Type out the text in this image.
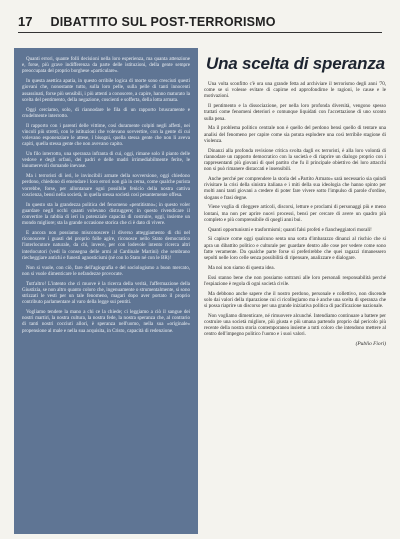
17 DIBATTITO SUL POST-TERRORISMO

Quanti errori, quante folli decisioni nella loro esperienza, ma quanta attenzione e, forse, più grave indifferenza da parte delle istituzioni, della gente sempre preoccupata del proprio borghese «particulare».

In questa asettica apatia, in questo orribile logica di morte sono cresciuti questi giovani che, nonostante tutto, sulla loro pelle, sulla pelle di tanti innocenti assassinati, forse più sensibili, i più attenti a conoscere, a capire, hanno maturato la scelta del pentimento, della negazione, coscienti e sofferta, della lotta armata.

Oggi cerciamo, solo, di riannodare le fila di un rapporto bruscamente e crudelmente interrotto.

Il rapporto con i parenti delle vittime, così duramente colpiti negli affetti, nei vincoli più stretti, con le istituzioni che volevano sovvertire, con la gente di cui volevano esponenziare le attese, i bisogni, quella stessa gente che non li aveva capiti, quella stessa gente che non avevano capito.

Un filo interrotto, una speranza infranta di cui, oggi, rimane solo il pianto delle vedove e degli orfani, dei padri e delle madri irrimediabilmente ferite, le innumerevoli domande inevase.

Ma i terroristi di ieri, le invincibili armate della sovversione, oggi chiedono perdono, chiedono di emendare i loro errori non già in cerna, come qualche purista vorrebbe, forse, per allontanare ogni possibile fenicio della nostra cattiva coscienza, bensì nella società, in quella stessa società così pesantemente offesa.

In questo sta la grandezza politica del fenomeno «pentitismo»; in questo voler guardare negli occhi quanti volevano distruggere; in questo rivendicare il convertire la rabbia di ieri in potenziale capacità di costruire, oggi, insieme un mondo migliore; sta la grande occasione storica che ci è dato di vivere.

E ancora non possiamo misconoscere il diverso atteggiamento di chi nel riconoscere i guasti del proprio folle agire, riconosce nello Stato democratico l'interlocutore naturale, da chi, invece, per con lodevole intento ricerca altri interlocutori (vedi la consegna delle armi al Cardinale Martini) che sembrano riecheggiare antichi e funesti agnosticismi (né con lo Stato né con le BR)!

Non si vuole, con ciò, fare dell'agiografia e del sociologismo a buon mercato, non si vuole dimenticare le nefandezze provocate.

Tutt'altro! L'intento che ci muove è la ricerca della verità, l'affermazione della Giustizia, se non altro quanto coloro che, ingenuamente o strumentalmente, si sono strizzati le vesti per un tale fenomeno, magari dopo aver portato il proprio contributo parlamentare al varo della legge sui pentiti.

Vogliamo tendere la mano a chi ce la chiede; ci leggiamo a ciò il sangue dei nostri martiri, la nostra cultura, la nostra fede, la nostra speranza che, al contrario di tanti nostri cocciuti allori, è speranza nell'uomo, nella sua «originale» propensione al male e nella sua acquisita, in Cristo, capacità di redenzione.

Una scelta di speranza

Una volta sconfitto c'è ora una grande fetta ad archiviare il terrorismo degli anni '70, come se si volesse evitare di capirne ed approfondirne le ragioni, le cause e le motivazioni.

Il pentimento e la dissociazione, per nella loro profonda diversità, vengono spesso trattati come fenomeni deteriori e comunque liquidati con l'accettazione di uno sconto sulla pena.

Ma il problema politico centrale non è quello del perdono bensì quello di tentare una analisi del fenomeno per capire come sia potuta esplodere una così terribile stagione di violenza.

Dinanzi alla profonda revisione critica svolta dagli ex terroristi, è alla loro volontà di riannodare un rapporto democratico con la società e di riaprire un dialogo proprio con i rappresentanti più giovani di quel partito che fu il principale obiettivo dei loro attacchi non si può rimanere distaccati e insensibili.

Anche perché per comprendere la storia del «Partito Armato» sarà necessario sia quindi rivisitare la crisi della sinistra italiana e i miti della sua ideologia che hanno spinto per molti anni tanti giovani a credere di poter fare vivere sotto l'impulso di parole d'ordine, slogans e frasi degne.

Viene voglia di rileggere articoli, discorsi, letture e proclami di personaggi più e meno lontani, ma non per aprire nuovi processi, bensì per cercare di avere un quadro più completo e più comprensibile di quegli anni bui.

Quanti opportunismi e trasformismi; quanti falsi profeti e fiancheggiatori morali!

Si capisce come oggi qualcuno senta una sorta d'imbarazzo dinanzi al rischio che si apra un dibattito politico e culturale per guardare dentro alle cose per vedere come sono fatte veramente. Da qualche parte forse si preferirebbe che quei ragazzi rimanessero sepolti nelle loro celle senza possibilità di ripensare, analizzare e dialogare.

Ma noi non siamo di questa idea.

Essi stanno bene che non possiamo sottrarsi alle loro personali responsabilità perché l'espiazione è regola di ogni società civile.

Ma debbono anche sapere che il nostro perdono, personale e collettivo, non discende solo dai valori della riparazione cui ci ricollegiamo ma è anche una scelta di speranza che si possa riaprire un discorso per una grande iniziativa politica di pacificazione nazionale.

Non vogliamo dimenticare, né rimuovere alcunché. Intendiamo continuare a battere per costruire una società migliore, più giusta e più umana partendo proprio dal pericolo più recente della nostra storia contemporanea insieme a tutti coloro che intendono mettere al centro dell'impegno politico l'uomo e i suoi valori.

(Publio Fiori)
